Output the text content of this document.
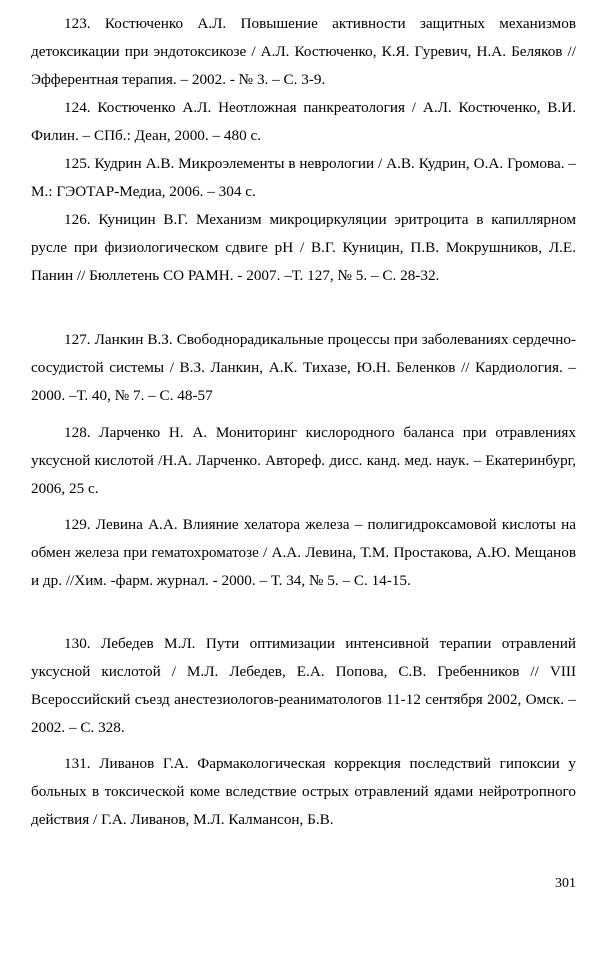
123. Костюченко А.Л. Повышение активности защитных механизмов детоксикации при эндотоксикозе / А.Л. Костюченко, К.Я. Гуревич, Н.А. Беляков // Эфферентная терапия. – 2002. - № 3. – С. 3-9.

124. Костюченко А.Л. Неотложная панкреатология / А.Л. Костюченко, В.И. Филин. – СПб.: Деан, 2000. – 480 с.

125. Кудрин А.В. Микроэлементы в неврологии / А.В. Кудрин, О.А. Громова. – М.: ГЭОТАР-Медиа, 2006. – 304 с.

126. Куницин В.Г. Механизм микроциркуляции эритроцита в капиллярном русле при физиологическом сдвиге рН / В.Г. Куницин, П.В. Мокрушников, Л.Е. Панин // Бюллетень СО РАМН. - 2007. –Т. 127, № 5. – С. 28-32.

127. Ланкин В.З. Свободнорадикальные процессы при заболеваниях сердечно-сосудистой системы / В.З. Ланкин, А.К. Тихазе, Ю.Н. Беленков // Кардиология. – 2000. –Т. 40, № 7. – С. 48-57

128. Ларченко Н. А. Мониторинг кислородного баланса при отравлениях уксусной кислотой /Н.А. Ларченко. Автореф. дисс. канд. мед. наук. – Екатеринбург, 2006, 25 с.

129. Левина А.А. Влияние хелатора железа – полигидроксамовой кислоты на обмен железа при гематохроматозе / А.А. Левина, Т.М. Простакова, А.Ю. Мещанов и др. //Хим. -фарм. журнал. - 2000. – Т. 34, № 5. – С. 14-15.

130. Лебедев М.Л. Пути оптимизации интенсивной терапии отравлений уксусной кислотой / М.Л. Лебедев, Е.А. Попова, С.В. Гребенников // VIII Всероссийский съезд анестезиологов-реаниматологов 11-12 сентября 2002, Омск. – 2002. – С. 328.

131. Ливанов Г.А. Фармакологическая коррекция последствий гипоксии у больных в токсической коме вследствие острых отравлений ядами нейротропного действия / Г.А. Ливанов, М.Л. Калмансон, Б.В.

301
